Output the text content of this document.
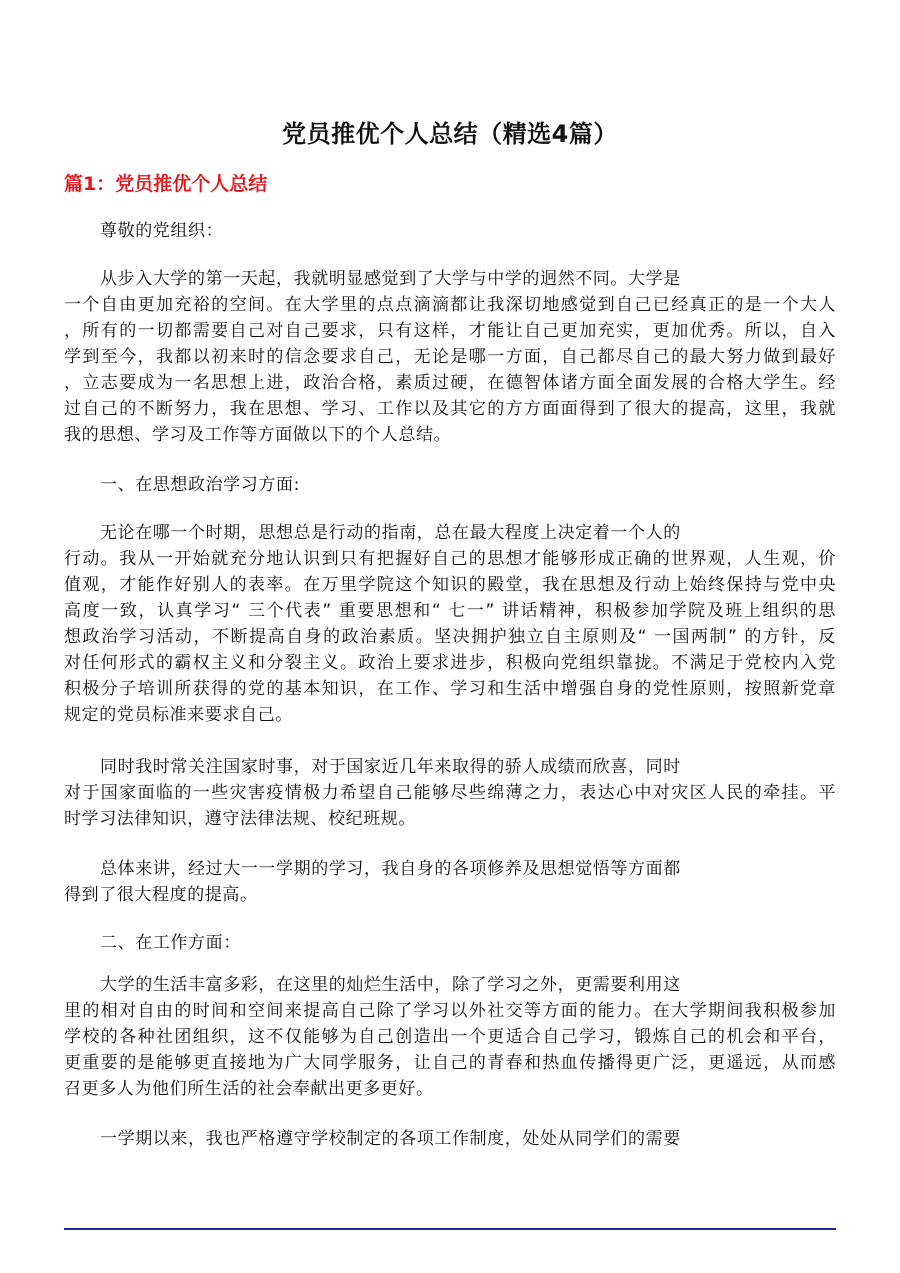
党员推优个人总结（精选4篇）
篇1：党员推优个人总结
尊敬的党组织：
从步入大学的第一天起，我就明显感觉到了大学与中学的迥然不同。大学是
一个自由更加充裕的空间。在大学里的点点滴滴都让我深切地感觉到自己已经真正的是一个大人
，所有的一切都需要自己对自己要求，只有这样，才能让自己更加充实，更加优秀。所以，自入
学到至今，我都以初来时的信念要求自己，无论是哪一方面，自己都尽自己的最大努力做到最好
，立志要成为一名思想上进，政治合格，素质过硬，在德智体诸方面全面发展的合格大学生。经
过自己的不断努力，我在思想、学习、工作以及其它的方方面面得到了很大的提高，这里，我就
我的思想、学习及工作等方面做以下的个人总结。
一、在思想政治学习方面:
无论在哪一个时期，思想总是行动的指南，总在最大程度上决定着一个人的
行动。我从一开始就充分地认识到只有把握好自己的思想才能够形成正确的世界观，人生观，价
值观，才能作好别人的表率。在万里学院这个知识的殿堂，我在思想及行动上始终保持与党中央
高度一致，认真学习“ 三个代表” 重要思想和“ 七一” 讲话精神，积极参加学院及班上组织的思
想政治学习活动，不断提高自身的政治素质。坚决拥护独立自主原则及“ 一国两制” 的方针，反
对任何形式的霸权主义和分裂主义。政治上要求进步，积极向党组织靠拢。不满足于党校内入党
积极分子培训所获得的党的基本知识，在工作、学习和生活中增强自身的党性原则，按照新党章
规定的党员标准来要求自己。
同时我时常关注国家时事，对于国家近几年来取得的骄人成绩而欣喜，同时
对于国家面临的一些灾害疫情极力希望自己能够尽些绵薄之力，表达心中对灾区人民的牵挂。平
时学习法律知识，遵守法律法规、校纪班规。
总体来讲，经过大一一学期的学习，我自身的各项修养及思想觉悟等方面都
得到了很大程度的提高。
二、在工作方面：
大学的生活丰富多彩，在这里的灿烂生活中，除了学习之外，更需要利用这
里的相对自由的时间和空间来提高自己除了学习以外社交等方面的能力。在大学期间我积极参加
学校的各种社团组织，这不仅能够为自己创造出一个更适合自己学习，锻炼自己的机会和平台，
更重要的是能够更直接地为广大同学服务，让自己的青春和热血传播得更广泛，更遥远，从而感
召更多人为他们所生活的社会奉献出更多更好。
一学期以来，我也严格遵守学校制定的各项工作制度，处处从同学们的需要
